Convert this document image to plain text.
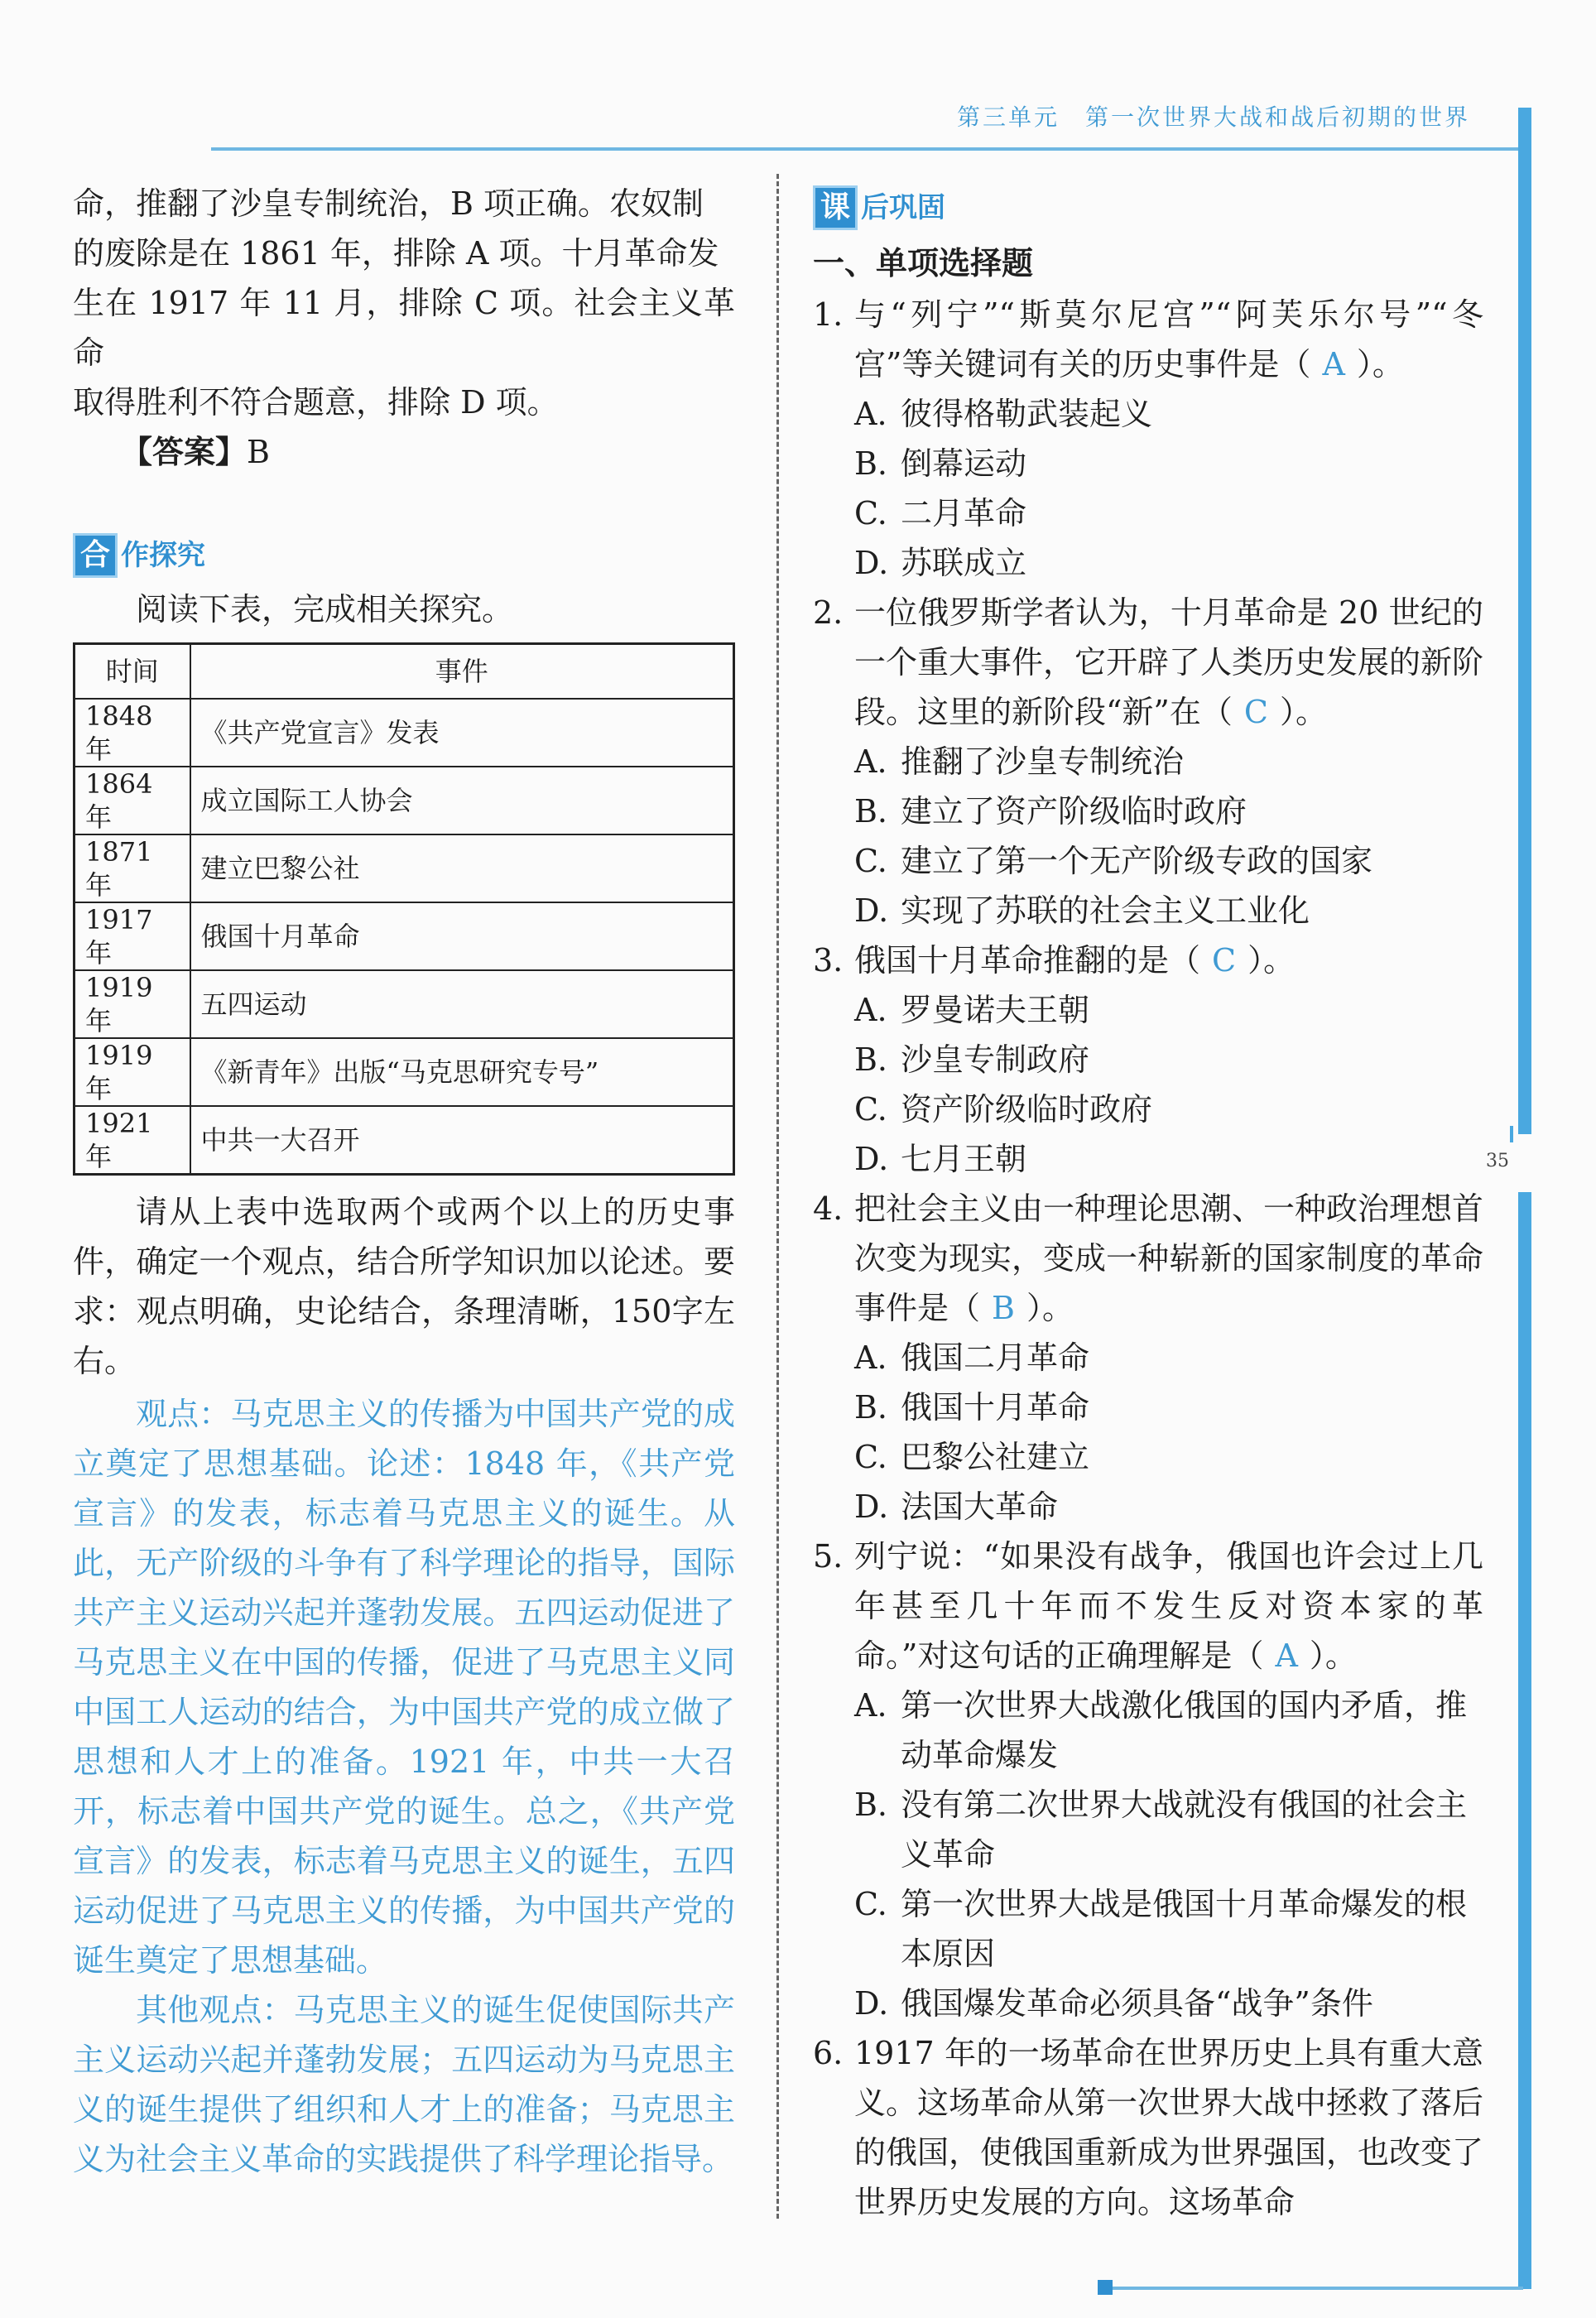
第三单元　第一次世界大战和战后初期的世界
35

命，推翻了沙皇专制统治，B 项正确。农奴制

的废除是在 1861 年，排除 A 项。十月革命发

生在 1917 年 11 月，排除 C 项。社会主义革命

取得胜利不符合题意，排除 D 项。

【答案】B

合 作探究

阅读下表，完成相关探究。

时间	事件
1848 年	《共产党宣言》发表
1864 年	成立国际工人协会
1871 年	建立巴黎公社
1917 年	俄国十月革命
1919 年	五四运动
1919 年	《新青年》出版“马克思研究专号”
1921 年	中共一大召开

请从上表中选取两个或两个以上的历史事件，确定一个观点，结合所学知识加以论述。要求：观点明确，史论结合，条理清晰，150字左右。

观点：马克思主义的传播为中国共产党的成立奠定了思想基础。论述：1848 年，《共产党宣言》的发表，标志着马克思主义的诞生。从此，无产阶级的斗争有了科学理论的指导，国际共产主义运动兴起并蓬勃发展。五四运动促进了马克思主义在中国的传播，促进了马克思主义同中国工人运动的结合，为中国共产党的成立做了思想和人才上的准备。1921 年，中共一大召开，标志着中国共产党的诞生。总之，《共产党宣言》的发表，标志着马克思主义的诞生，五四运动促进了马克思主义的传播，为中国共产党的诞生奠定了思想基础。

其他观点：马克思主义的诞生促使国际共产主义运动兴起并蓬勃发展；五四运动为马克思主义的诞生提供了组织和人才上的准备；马克思主义为社会主义革命的实践提供了科学理论指导。

课 后巩固

一、单项选择题

1. 与“列宁”“斯莫尔尼宫”“阿芙乐尔号”“冬宫”等关键词有关的历史事件是（ A ）。
A. 彼得格勒武装起义
B. 倒幕运动
C. 二月革命
D. 苏联成立
2. 一位俄罗斯学者认为，十月革命是 20 世纪的一个重大事件，它开辟了人类历史发展的新阶段。这里的新阶段“新”在（ C ）。
A. 推翻了沙皇专制统治
B. 建立了资产阶级临时政府
C. 建立了第一个无产阶级专政的国家
D. 实现了苏联的社会主义工业化
3. 俄国十月革命推翻的是（ C ）。
A. 罗曼诺夫王朝
B. 沙皇专制政府
C. 资产阶级临时政府
D. 七月王朝
4. 把社会主义由一种理论思潮、一种政治理想首次变为现实，变成一种崭新的国家制度的革命事件是（ B ）。
A. 俄国二月革命
B. 俄国十月革命
C. 巴黎公社建立
D. 法国大革命
5. 列宁说：“如果没有战争，俄国也许会过上几年甚至几十年而不发生反对资本家的革命。”对这句话的正确理解是（ A ）。
A. 第一次世界大战激化俄国的国内矛盾，推动革命爆发
B. 没有第二次世界大战就没有俄国的社会主义革命
C. 第一次世界大战是俄国十月革命爆发的根本原因
D. 俄国爆发革命必须具备“战争”条件
6. 1917 年的一场革命在世界历史上具有重大意义。这场革命从第一次世界大战中拯救了落后的俄国，使俄国重新成为世界强国，也改变了世界历史发展的方向。这场革命
